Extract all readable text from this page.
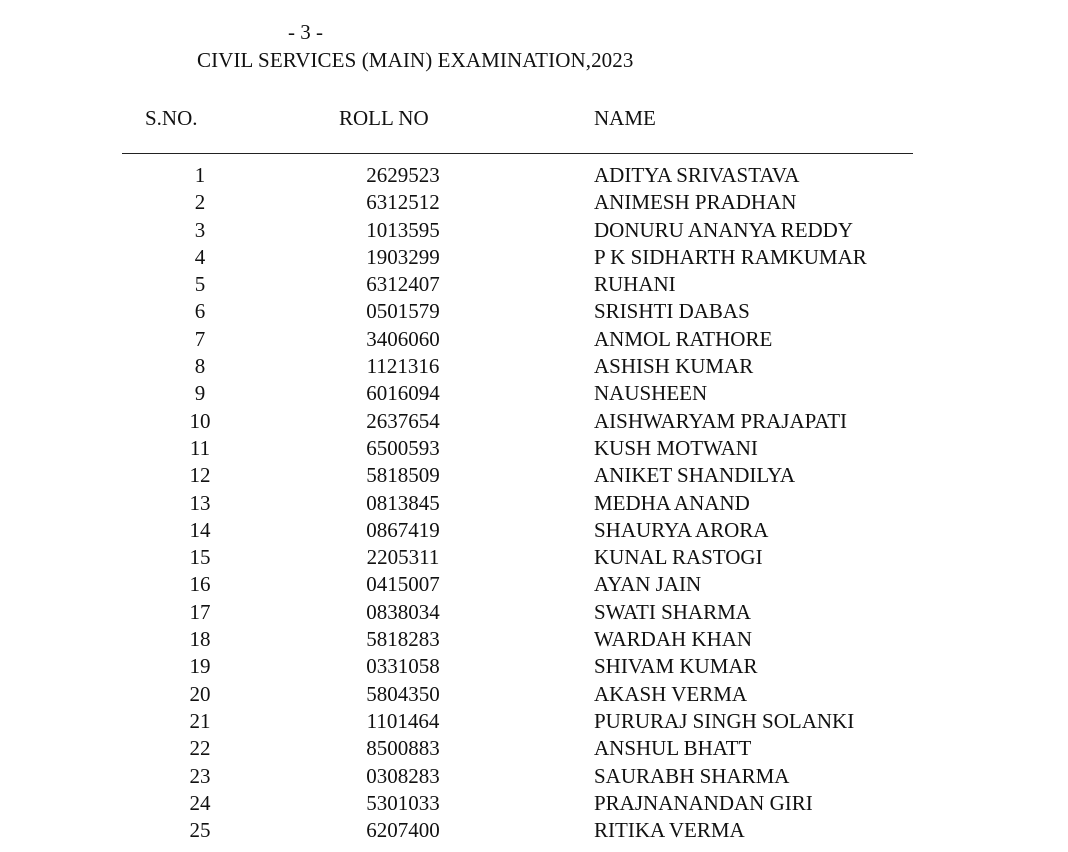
- 3 -
CIVIL SERVICES (MAIN) EXAMINATION,2023
S.NO.	ROLL NO	NAME
1	2629523	ADITYA SRIVASTAVA
2	6312512	ANIMESH PRADHAN
3	1013595	DONURU ANANYA REDDY
4	1903299	P K SIDHARTH RAMKUMAR
5	6312407	RUHANI
6	0501579	SRISHTI DABAS
7	3406060	ANMOL RATHORE
8	1121316	ASHISH KUMAR
9	6016094	NAUSHEEN
10	2637654	AISHWARYAM PRAJAPATI
11	6500593	KUSH MOTWANI
12	5818509	ANIKET SHANDILYA
13	0813845	MEDHA ANAND
14	0867419	SHAURYA ARORA
15	2205311	KUNAL RASTOGI
16	0415007	AYAN JAIN
17	0838034	SWATI SHARMA
18	5818283	WARDAH KHAN
19	0331058	SHIVAM KUMAR
20	5804350	AKASH VERMA
21	1101464	PURURAJ SINGH SOLANKI
22	8500883	ANSHUL BHATT
23	0308283	SAURABH SHARMA
24	5301033	PRAJNANANDAN GIRI
25	6207400	RITIKA VERMA
